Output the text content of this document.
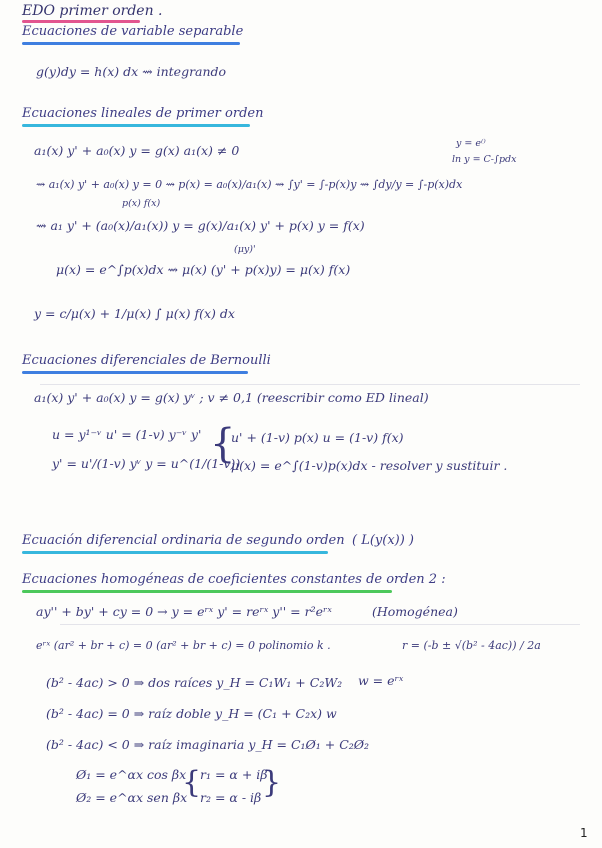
EDO primer orden .
Ecuaciones de variable separable
g(y)dy = h(x) dx ⇝ integrando
Ecuaciones lineales de primer orden
y = e⁽⁾
ln y = C-∫pdx
a₁(x) y' + a₀(x) y = g(x) a₁(x) ≠ 0
⇝ a₁(x) y' + a₀(x) y = 0 ⇝ p(x) = a₀(x)/a₁(x) ⇝ ∫y' = ∫-p(x)y ⇝ ∫dy/y = ∫-p(x)dx
p(x) f(x)
⇝ a₁ y' + (a₀(x)/a₁(x)) y = g(x)/a₁(x) y' + p(x) y = f(x)
(μy)'
μ(x) = e^∫p(x)dx ⇝ μ(x) (y' + p(x)y) = μ(x) f(x)
y = c/μ(x) + 1/μ(x) ∫ μ(x) f(x) dx
Ecuaciones diferenciales de Bernoulli
a₁(x) y' + a₀(x) y = g(x) yᵛ ; v ≠ 0,1 (reescribir como ED lineal)
u = y¹⁻ᵛ u' = (1-v) y⁻ᵛ y' u' + (1-v) p(x) u = (1-v) f(x)
y' = u'/(1-v) yᵛ y = u^(1/(1-v))
μ(x) = e^∫(1-v)p(x)dx - resolver y sustituir .
Ecuación diferencial ordinaria de segundo orden ( L(y(x)) )
Ecuaciones homogéneas de coeficientes constantes de orden 2 :
ay'' + by' + cy = 0 → y = eʳˣ y' = reʳˣ y'' = r²eʳˣ	(Homogénea)
eʳˣ (ar² + br + c) = 0 (ar² + br + c) = 0 polinomio k .	r = (-b ± √(b² - 4ac)) / 2a
(b² - 4ac) > 0 ⇒ dos raíces y_H = C₁W₁ + C₂W₂ w = eʳˣ
(b² - 4ac) = 0 ⇒ raíz doble y_H = (C₁ + C₂x) w
(b² - 4ac) < 0 ⇒ raíz imaginaria y_H = C₁Ø₁ + C₂Ø₂
Ø₁ = e^αx cos βx
Ø₂ = e^αx sen βx
{
r₁ = α + iβ
r₂ = α - iβ }
{
1
